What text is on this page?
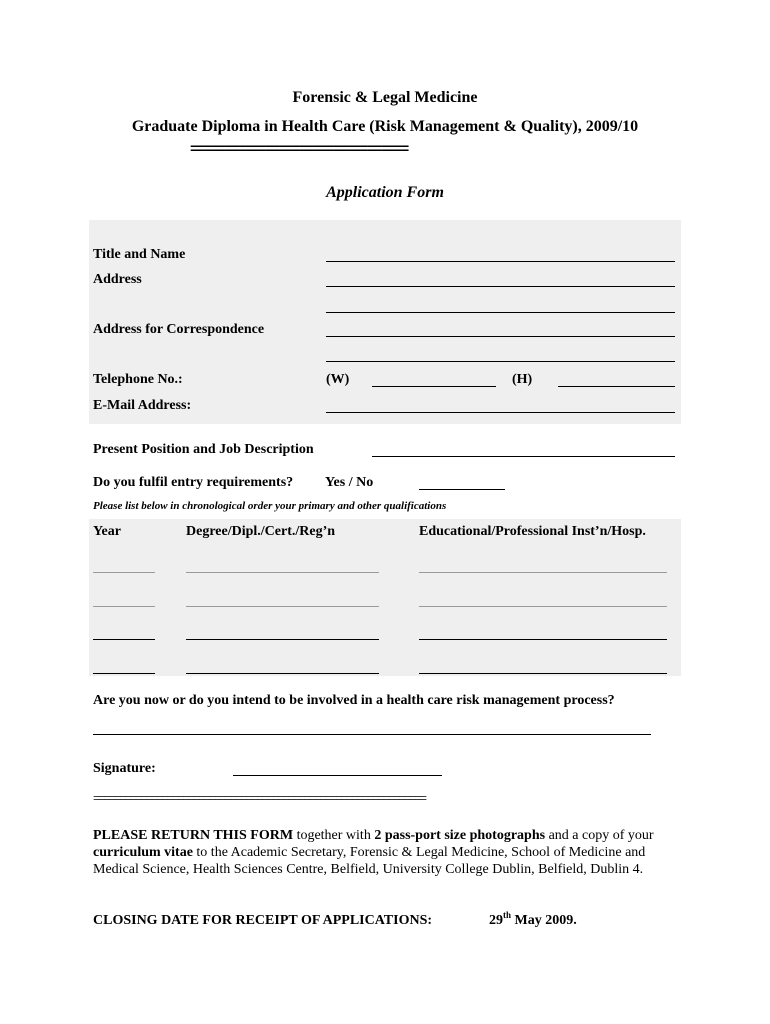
Forensic & Legal Medicine
Graduate Diploma in Health Care (Risk Management & Quality), 2009/10
================================
Application Form
Title and Name
Address
Address for Correspondence
Telephone No.:	(W)	(H)
E-Mail Address:
Present Position and Job Description
Do you fulfil entry requirements? Yes / No
Please list below in chronological order your primary and other qualifications
Year	Degree/Dipl./Cert./Reg’n	Educational/Professional Inst’n/Hosp.
Are you now or do you intend to be involved in a health care risk management process?
Signature:
===============================================================
PLEASE RETURN THIS FORM together with 2 pass-port size photographs and a copy of your curriculum vitae to the Academic Secretary, Forensic & Legal Medicine, School of Medicine and Medical Science, Health Sciences Centre, Belfield, University College Dublin, Belfield, Dublin 4.
CLOSING DATE FOR RECEIPT OF APPLICATIONS:	29th May 2009.
